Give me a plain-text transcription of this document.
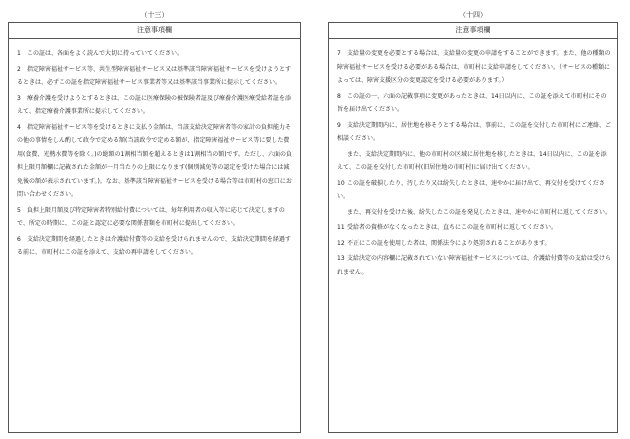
（十三）
注意事項欄
1 この証は、各面をよく読んで大切に持っていてください。
2 指定障害福祉サービス等、共生型障害福祉サービス又は基準該当障害福祉サービスを受けようとするときは、必ずこの証を指定障害福祉サービス事業者等又は基準該当事業所に提示してください。
3 療養介護を受けようとするときは、この証に医療保険の被保険者証及び療養介護医療受給者証を添えて、指定療養介護事業所に提示してください。
4 指定障害福祉サービス等を受けるときに支払う金額は、当該支給決定障害者等の家計の負担能力その他の事情をしん酌して政令で定める額(当該政令で定める額が、指定障害福祉サービス等に要した費用(食費、光熱水費等を除く。)の総額の1割相当額を超えるときは1割相当の額)です。ただし、六面の負担上限月額欄に記載された金額が一月当たりの上限になります(個別減免等の認定を受けた場合には減免後の額が表示されています。)。なお、基準該当障害福祉サービスを受ける場合等は市町村の窓口にお問い合わせください。
5 負担上限月額及び特定障害者特別給付費については、毎年利用者の収入等に応じて決定しますので、所定の時期に、この証と認定に必要な関係書類を市町村に提出してください。
6 支給決定期間を経過したときは介護給付費等の支給を受けられませんので、支給決定期間を経過する前に、市町村にこの証を添えて、支給の再申請をしてください。
（十四）
注意事項欄
7 支給量の変更を必要とする場合は、支給量の変更の申請をすることができます。また、他の種類の障害福祉サービスを受ける必要がある場合は、市町村に支給申請をしてください。（サービスの種類によっては、障害支援区分の変更認定を受ける必要があります。）
8 この証の一、六面の記載事項に変更があったときは、14日以内に、この証を添えて市町村にその旨を届け出てください。
9 支給決定期間内に、居住地を移そうとする場合は、事前に、この証を交付した市町村にご連絡、ご相談ください。
また、支給決定期間内に、他の市町村の区域に居住地を移したときは、14日以内に、この証を添えて、この証を交付した市町村(旧居住地の市町村)に届け出てください。
10 この証を破損したり、汚したり又は紛失したときは、速やかに届け出て、再交付を受けてください。
また、再交付を受けた後、紛失したこの証を発見したときは、速やかに市町村に返してください。
11 受給者の資格がなくなったときは、直ちにこの証を市町村に返してください。
12 不正にこの証を使用した者は、関係法令により処罰されることがあります。
13 支給決定の内容欄に記載されていない障害福祉サービスについては、介護給付費等の支給は受けられません。
